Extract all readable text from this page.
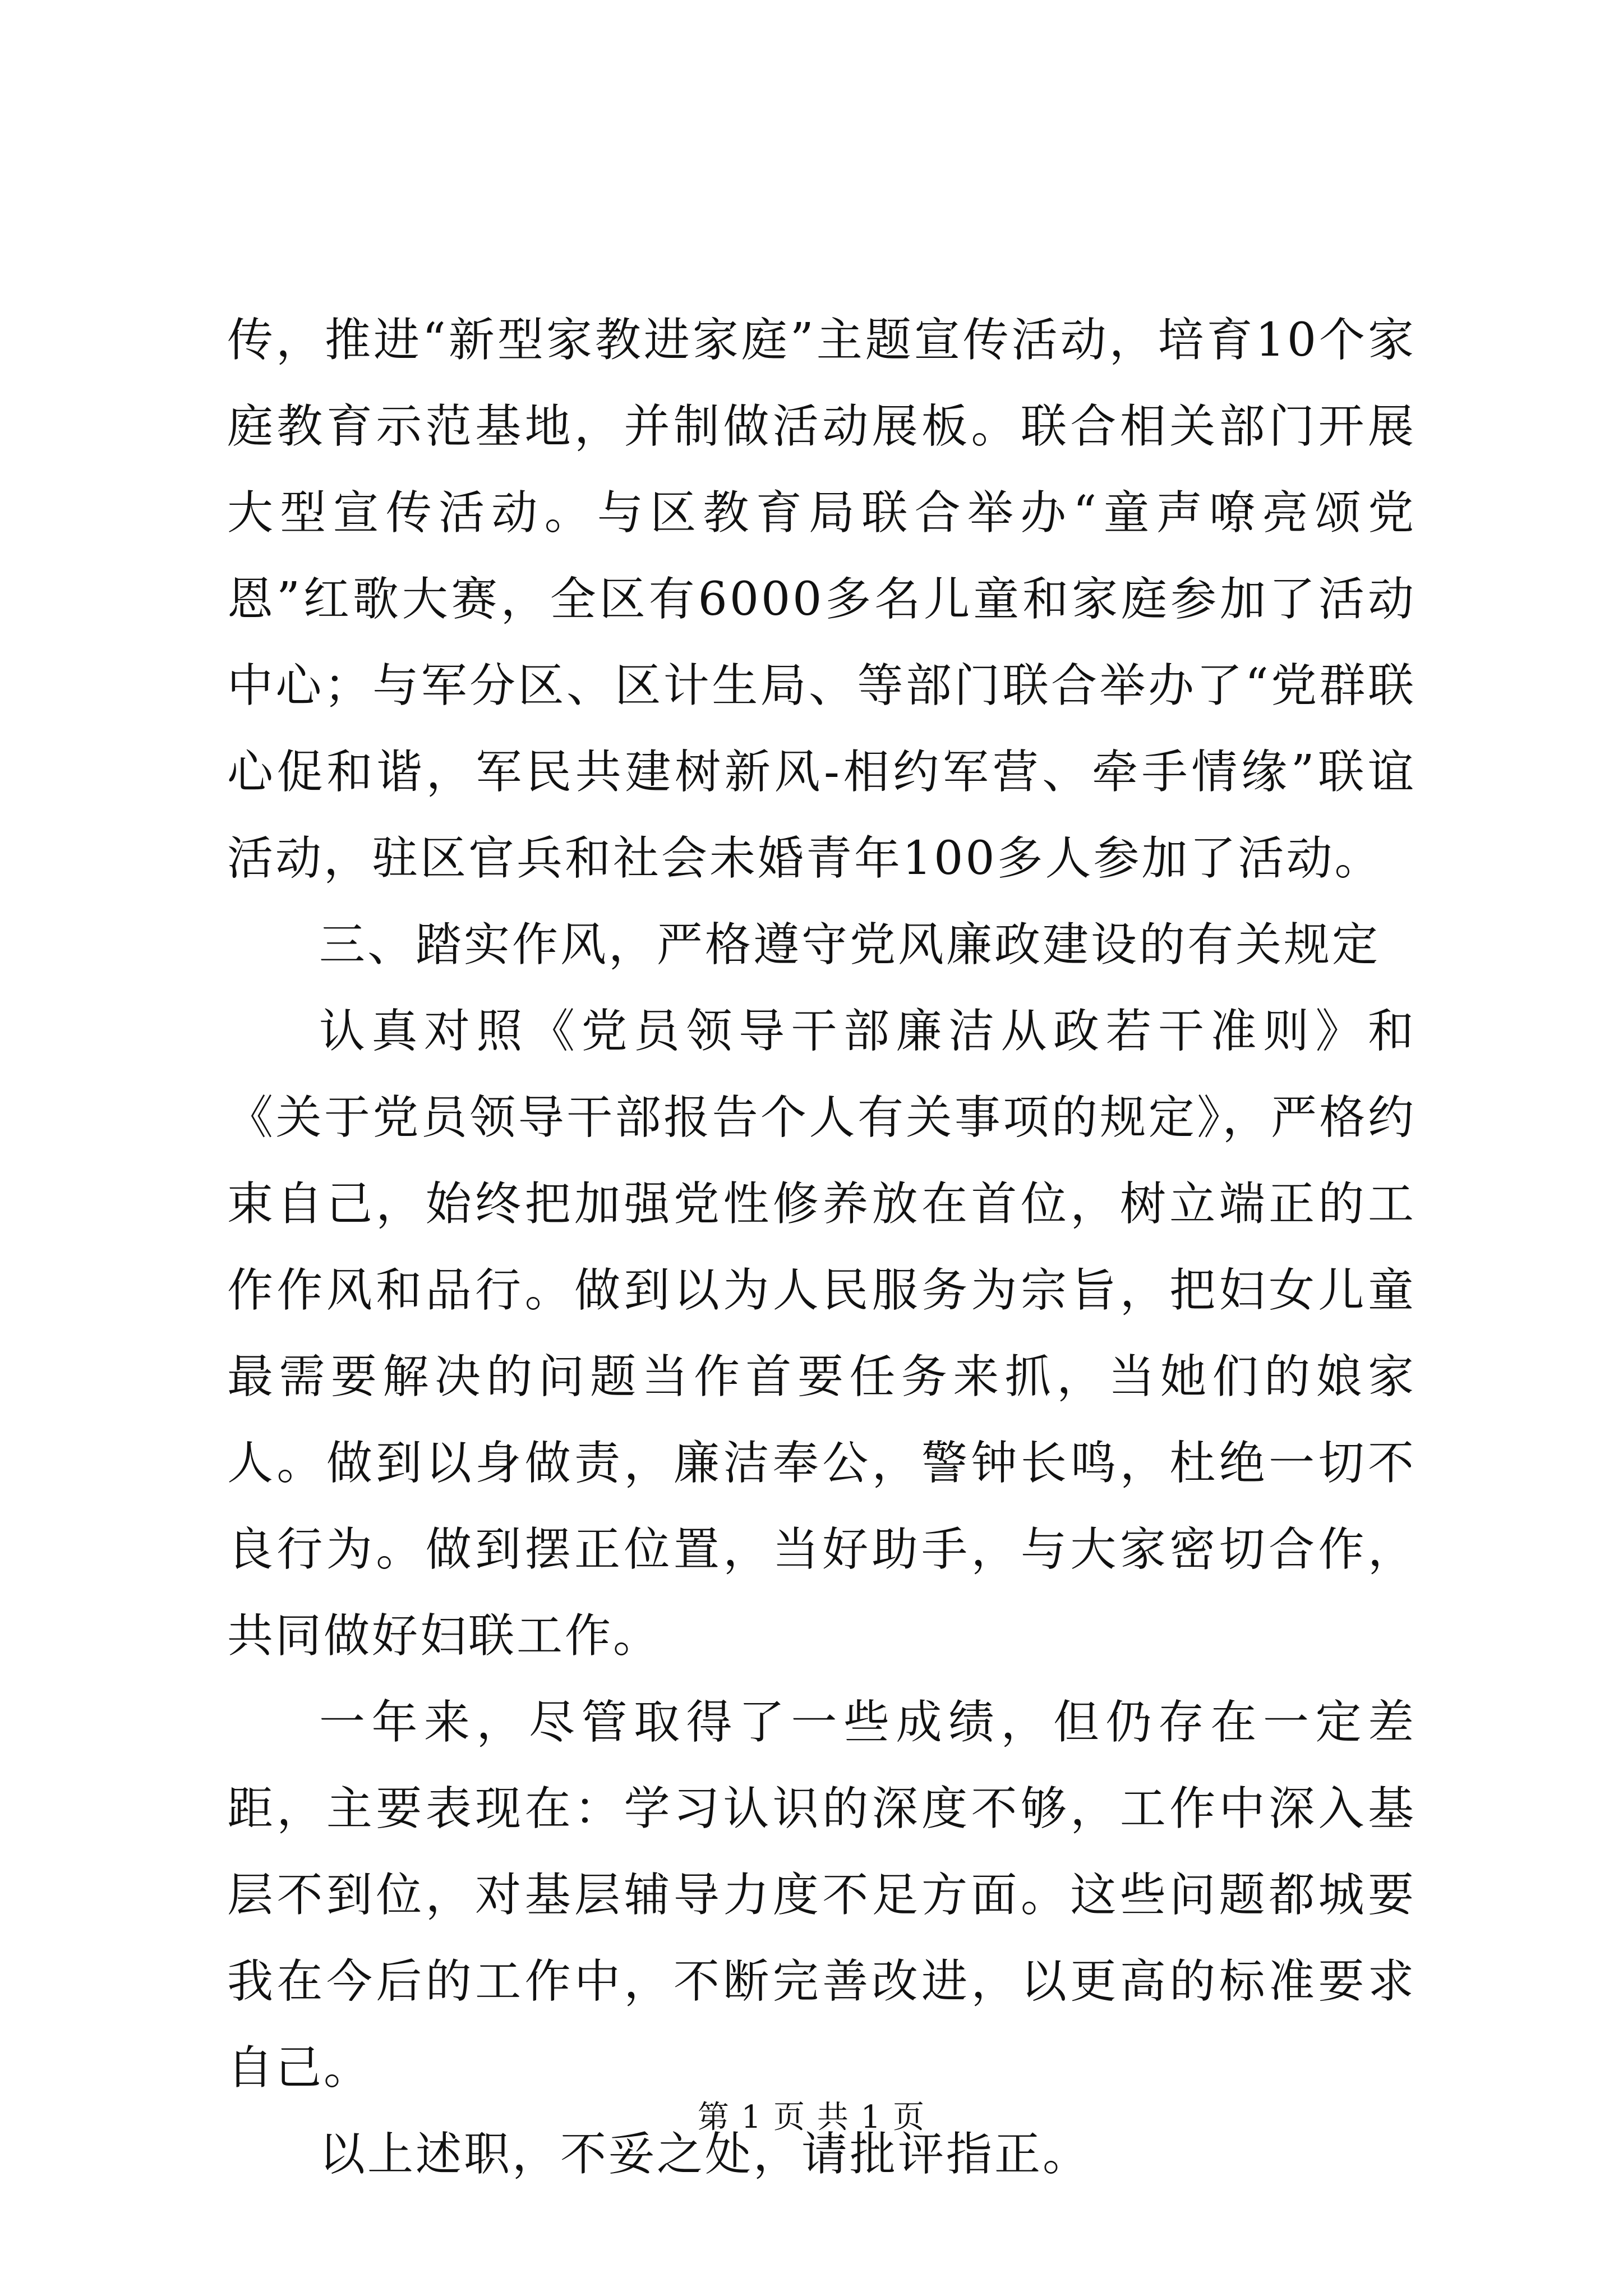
传，推进“新型家教进家庭”主题宣传活动，培育10个家庭教育示范基地，并制做活动展板。联合相关部门开展大型宣传活动。与区教育局联合举办“童声嘹亮颂党恩”红歌大赛，全区有6000多名儿童和家庭参加了活动中心；与军分区、区计生局、等部门联合举办了“党群联心促和谐，军民共建树新风-相约军营、牵手情缘”联谊活动，驻区官兵和社会未婚青年100多人参加了活动。

三、踏实作风，严格遵守党风廉政建设的有关规定

认真对照《党员领导干部廉洁从政若干准则》和《关于党员领导干部报告个人有关事项的规定》，严格约束自己，始终把加强党性修养放在首位，树立端正的工作作风和品行。做到以为人民服务为宗旨，把妇女儿童最需要解决的问题当作首要任务来抓，当她们的娘家人。做到以身做责，廉洁奉公，警钟长鸣，杜绝一切不良行为。做到摆正位置，当好助手，与大家密切合作，共同做好妇联工作。

一年来，尽管取得了一些成绩，但仍存在一定差距，主要表现在：学习认识的深度不够，工作中深入基层不到位，对基层辅导力度不足方面。这些问题都城要我在今后的工作中，不断完善改进，以更高的标准要求自己。

以上述职，不妥之处，请批评指正。

第 1 页 共 1 页
